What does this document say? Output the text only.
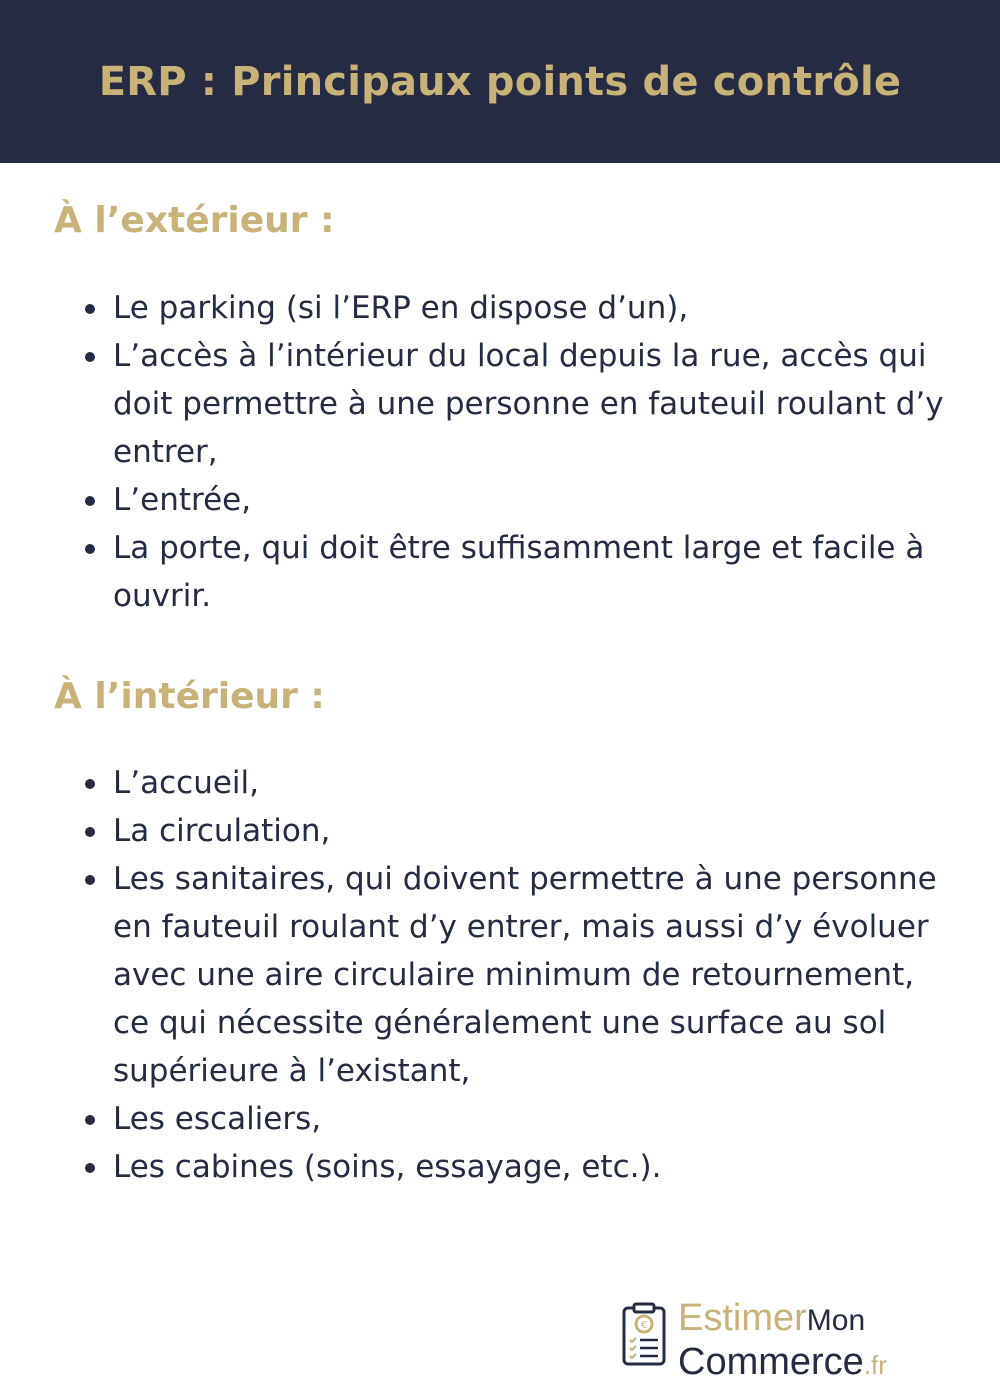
ERP : Principaux points de contrôle
À l’extérieur :
Le parking (si l’ERP en dispose d’un),
L’accès à l’intérieur du local depuis la rue, accès qui doit permettre à une personne en fauteuil roulant d’y entrer,
L’entrée,
La porte, qui doit être suffisamment large et facile à ouvrir.
À l’intérieur :
L’accueil,
La circulation,
Les sanitaires, qui doivent permettre à une personne en fauteuil roulant d’y entrer, mais aussi d’y évoluer avec une aire circulaire minimum de retournement, ce qui nécessite généralement une surface au sol supérieure à l’existant,
Les escaliers,
Les cabines (soins, essayage, etc.).
€ EstimerMon
Commerce.fr
